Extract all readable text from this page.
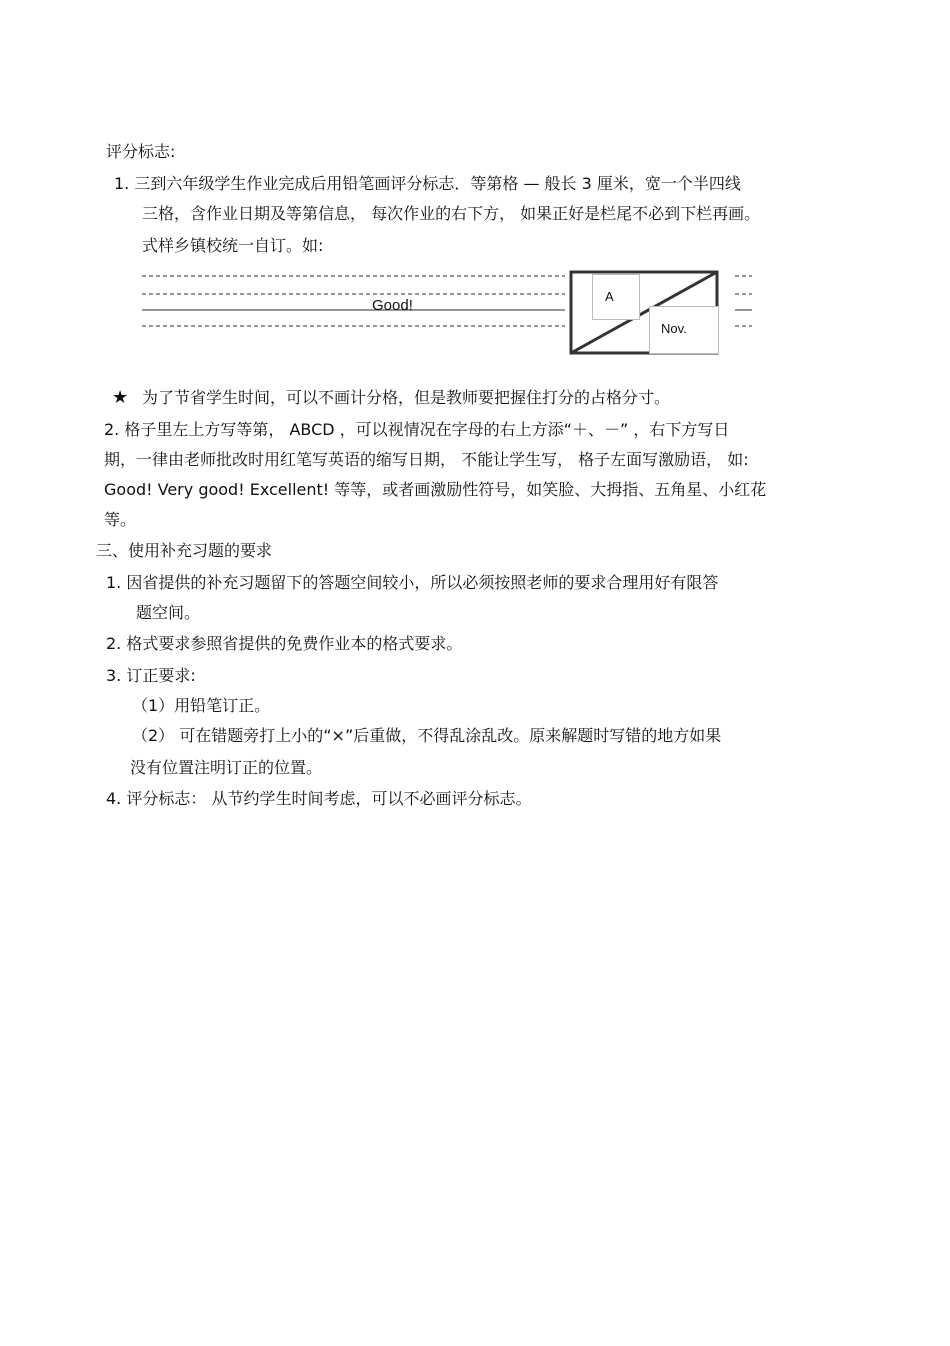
评分标志:
1. 三到六年级学生作业完成后用铅笔画评分标志．等第格 — 般长 3 厘米，宽一个半四线
三格，含作业日期及等第信息， 每次作业的右下方， 如果正好是栏尾不必到下栏再画。
式样乡镇校统一自订。如:
Good!
A
Nov.
★ 为了节省学生时间，可以不画计分格，但是教师要把握住打分的占格分寸。
2. 格子里左上方写等第， ABCD ，可以视情况在字母的右上方添“＋、－” ，右下方写日
期，一律由老师批改时用红笔写英语的缩写日期， 不能让学生写， 格子左面写激励语， 如:
Good! Very good! Excellent! 等等，或者画激励性符号，如笑脸、大拇指、五角星、小红花
等。
三、使用补充习题的要求
1. 因省提供的补充习题留下的答题空间较小，所以必须按照老师的要求合理用好有限答
题空间。
2. 格式要求参照省提供的免费作业本的格式要求。
3. 订正要求:
（1）用铅笔订正。
（2） 可在错题旁打上小的“×”后重做，不得乱涂乱改。原来解题时写错的地方如果
没有位置注明订正的位置。
4. 评分标志： 从节约学生时间考虑，可以不必画评分标志。
